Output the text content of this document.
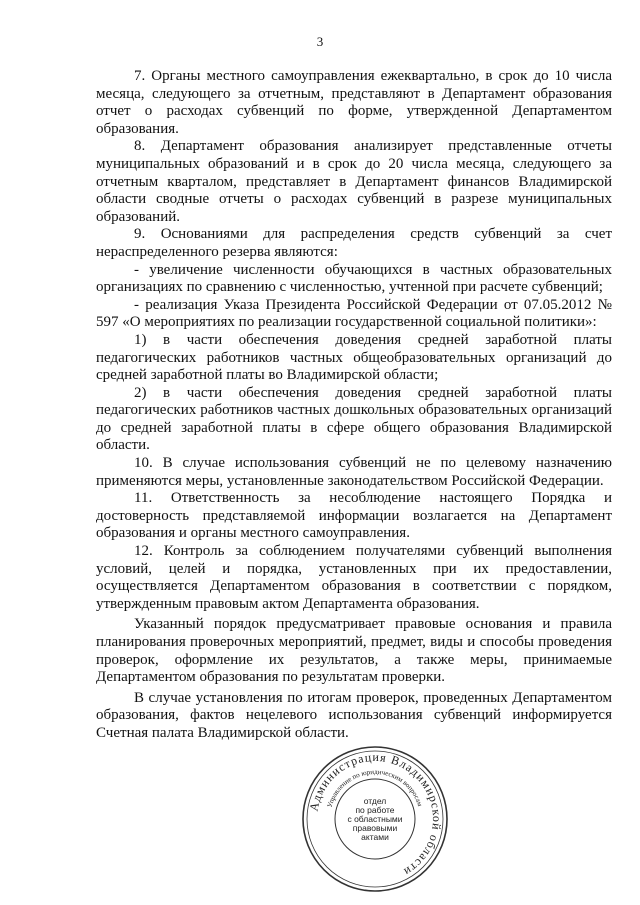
3

7. Органы местного самоуправления ежеквартально, в срок до 10 числа месяца, следующего за отчетным, представляют в Департамент образования отчет о расходах субвенций по форме, утвержденной Департаментом образования.

8. Департамент образования анализирует представленные отчеты муниципальных образований и в срок до 20 числа месяца, следующего за отчетным кварталом, представляет в Департамент финансов Владимирской области сводные отчеты о расходах субвенций в разрезе муниципальных образований.

9. Основаниями для распределения средств субвенций за счет нераспределенного резерва являются:

- увеличение численности обучающихся в частных образовательных организациях по сравнению с численностью, учтенной при расчете субвенций;

- реализация Указа Президента Российской Федерации от 07.05.2012 № 597 «О мероприятиях по реализации государственной социальной политики»:

1) в части обеспечения доведения средней заработной платы педагогических работников частных общеобразовательных организаций до средней заработной платы во Владимирской области;

2) в части обеспечения доведения средней заработной платы педагогических работников частных дошкольных образовательных организаций до средней заработной платы в сфере общего образования Владимирской области.

10. В случае использования субвенций не по целевому назначению применяются меры, установленные законодательством Российской Федерации.

11. Ответственность за несоблюдение настоящего Порядка и достоверность представляемой информации возлагается на Департамент образования и органы местного самоуправления.

12. Контроль за соблюдением получателями субвенций выполнения условий, целей и порядка, установленных при их предоставлении, осуществляется Департаментом образования в соответствии с порядком, утвержденным правовым актом Департамента образования.

Указанный порядок предусматривает правовые основания и правила планирования проверочных мероприятий, предмет, виды и способы проведения проверок, оформление их результатов, а также меры, принимаемые Департаментом образования по результатам проверки.

В случае установления по итогам проверок, проведенных Департаментом образования, фактов нецелевого использования субвенций информируется Счетная палата Владимирской области.

Администрация Владимирской области
Управление по юридическим вопросам
отдел
по работе
с областными
правовыми
актами
